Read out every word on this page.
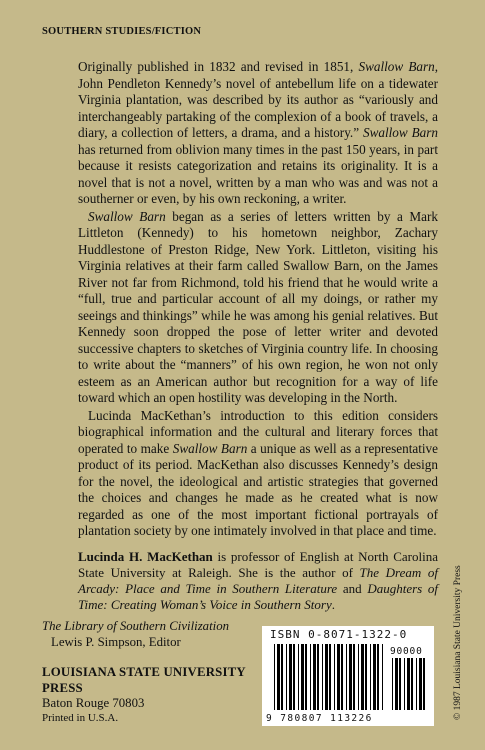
SOUTHERN STUDIES/FICTION

Originally published in 1832 and revised in 1851, Swallow Barn, John Pendleton Kennedy’s novel of antebellum life on a tidewater Virginia plantation, was described by its author as “variously and interchangeably partaking of the complexion of a book of travels, a diary, a collection of letters, a drama, and a history.” Swallow Barn has returned from oblivion many times in the past 150 years, in part because it resists categorization and retains its originality. It is a novel that is not a novel, written by a man who was and was not a southerner or even, by his own reckoning, a writer.

Swallow Barn began as a series of letters written by a Mark Littleton (Kennedy) to his hometown neighbor, Zachary Huddlestone of Preston Ridge, New York. Littleton, visiting his Virginia relatives at their farm called Swallow Barn, on the James River not far from Richmond, told his friend that he would write a “full, true and particular account of all my doings, or rather my seeings and thinkings” while he was among his genial relatives. But Kennedy soon dropped the pose of letter writer and devoted successive chapters to sketches of Virginia country life. In choosing to write about the “manners” of his own region, he won not only esteem as an American author but recognition for a way of life toward which an open hostility was developing in the North.

Lucinda MacKethan’s introduction to this edition considers biographical information and the cultural and literary forces that operated to make Swallow Barn a unique as well as a representative product of its period. MacKethan also discusses Kennedy’s design for the novel, the ideological and artistic strategies that governed the choices and changes he made as he created what is now regarded as one of the most important fictional portrayals of plantation society by one intimately involved in that place and time.

Lucinda H. MacKethan is professor of English at North Carolina State University at Raleigh. She is the author of The Dream of Arcady: Place and Time in Southern Literature and Daughters of Time: Creating Woman’s Voice in Southern Story.
The Library of Southern Civilization
Lewis P. Simpson, Editor
LOUISIANA STATE UNIVERSITY PRESS
Baton Rouge 70803
Printed in U.S.A.	© 1987 Louisiana State University Press
ISBN 0-8071-1322-0
90000
9 780807 113226
